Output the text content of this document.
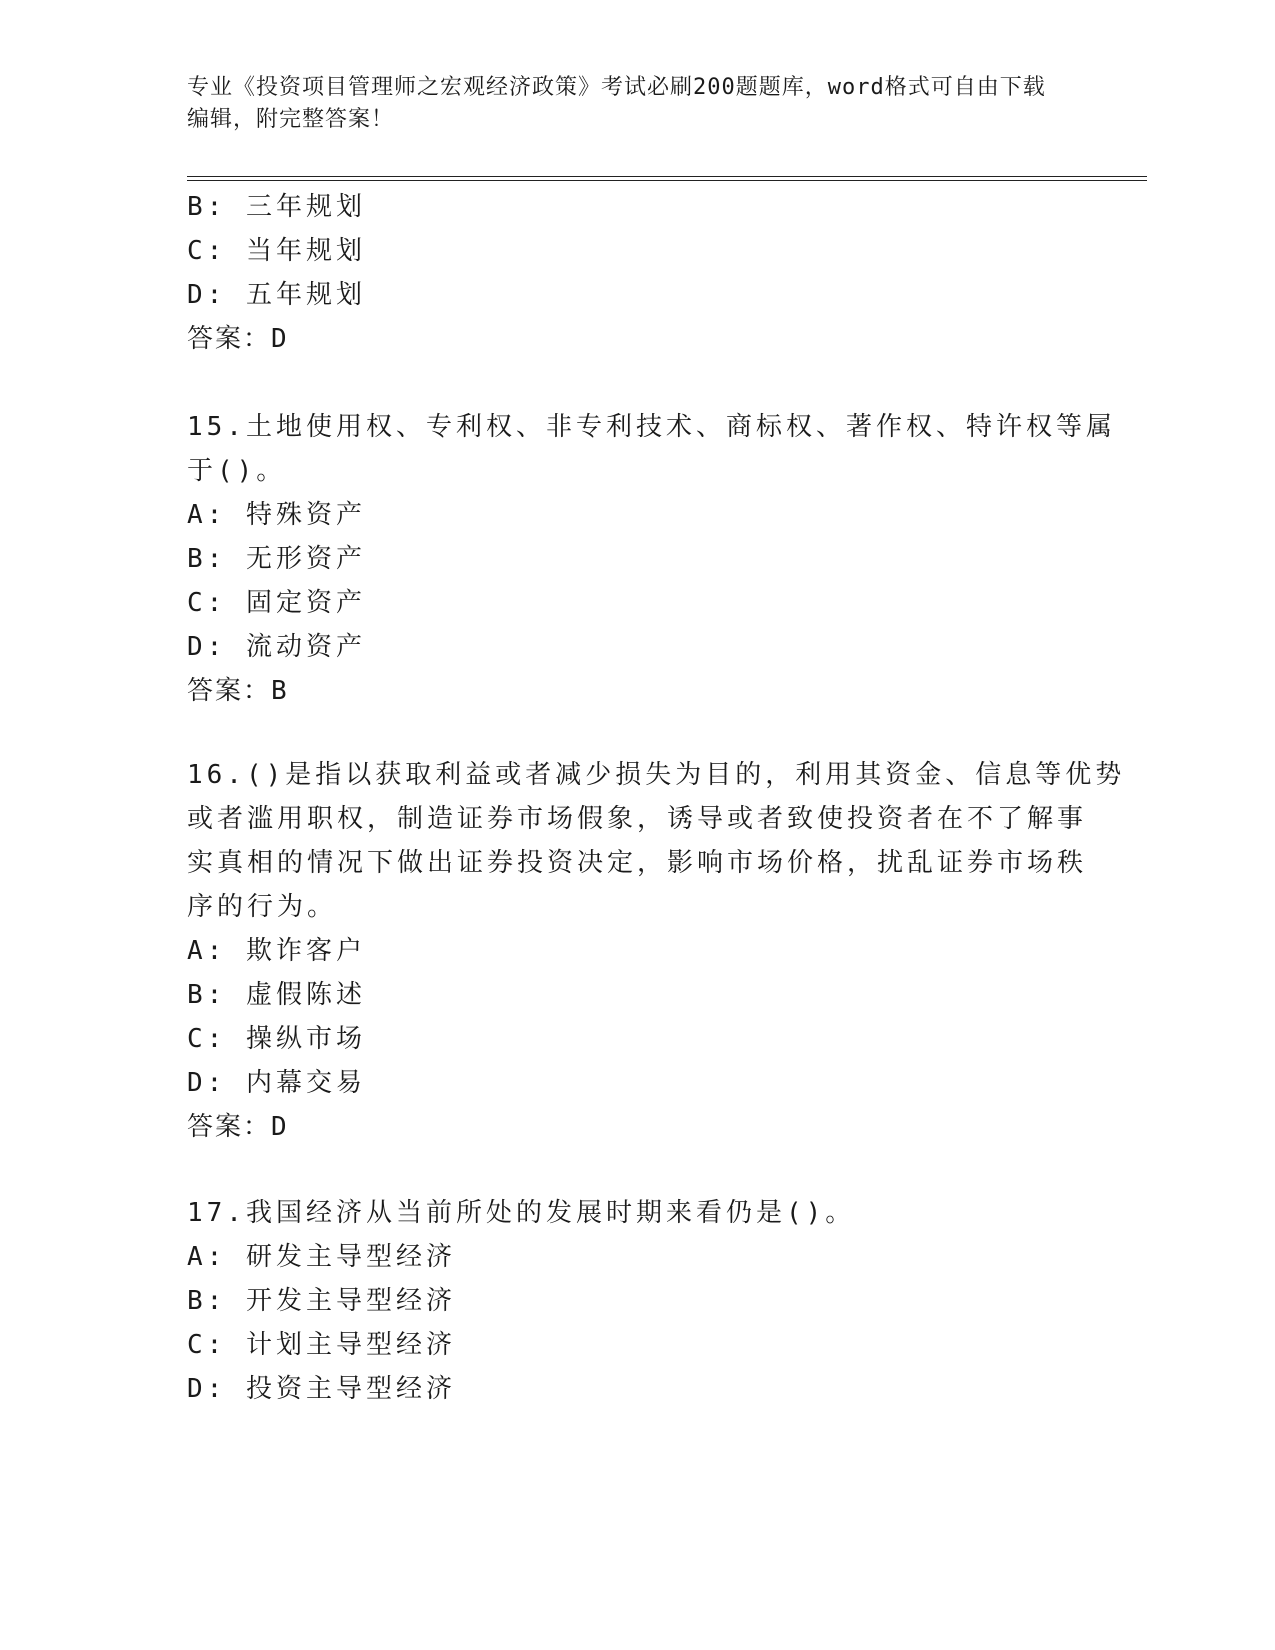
专业《投资项目管理师之宏观经济政策》考试必刷200题题库，word格式可自由下载编辑，附完整答案！
B: 三年规划
C: 当年规划
D: 五年规划
答案：D
15.土地使用权、专利权、非专利技术、商标权、著作权、特许权等属
于()。
A: 特殊资产
B: 无形资产
C: 固定资产
D: 流动资产
答案：B
16.()是指以获取利益或者减少损失为目的，利用其资金、信息等优势
或者滥用职权，制造证券市场假象，诱导或者致使投资者在不了解事
实真相的情况下做出证券投资决定，影响市场价格，扰乱证券市场秩
序的行为。
A: 欺诈客户
B: 虚假陈述
C: 操纵市场
D: 内幕交易
答案：D
17.我国经济从当前所处的发展时期来看仍是()。
A: 研发主导型经济
B: 开发主导型经济
C: 计划主导型经济
D: 投资主导型经济
